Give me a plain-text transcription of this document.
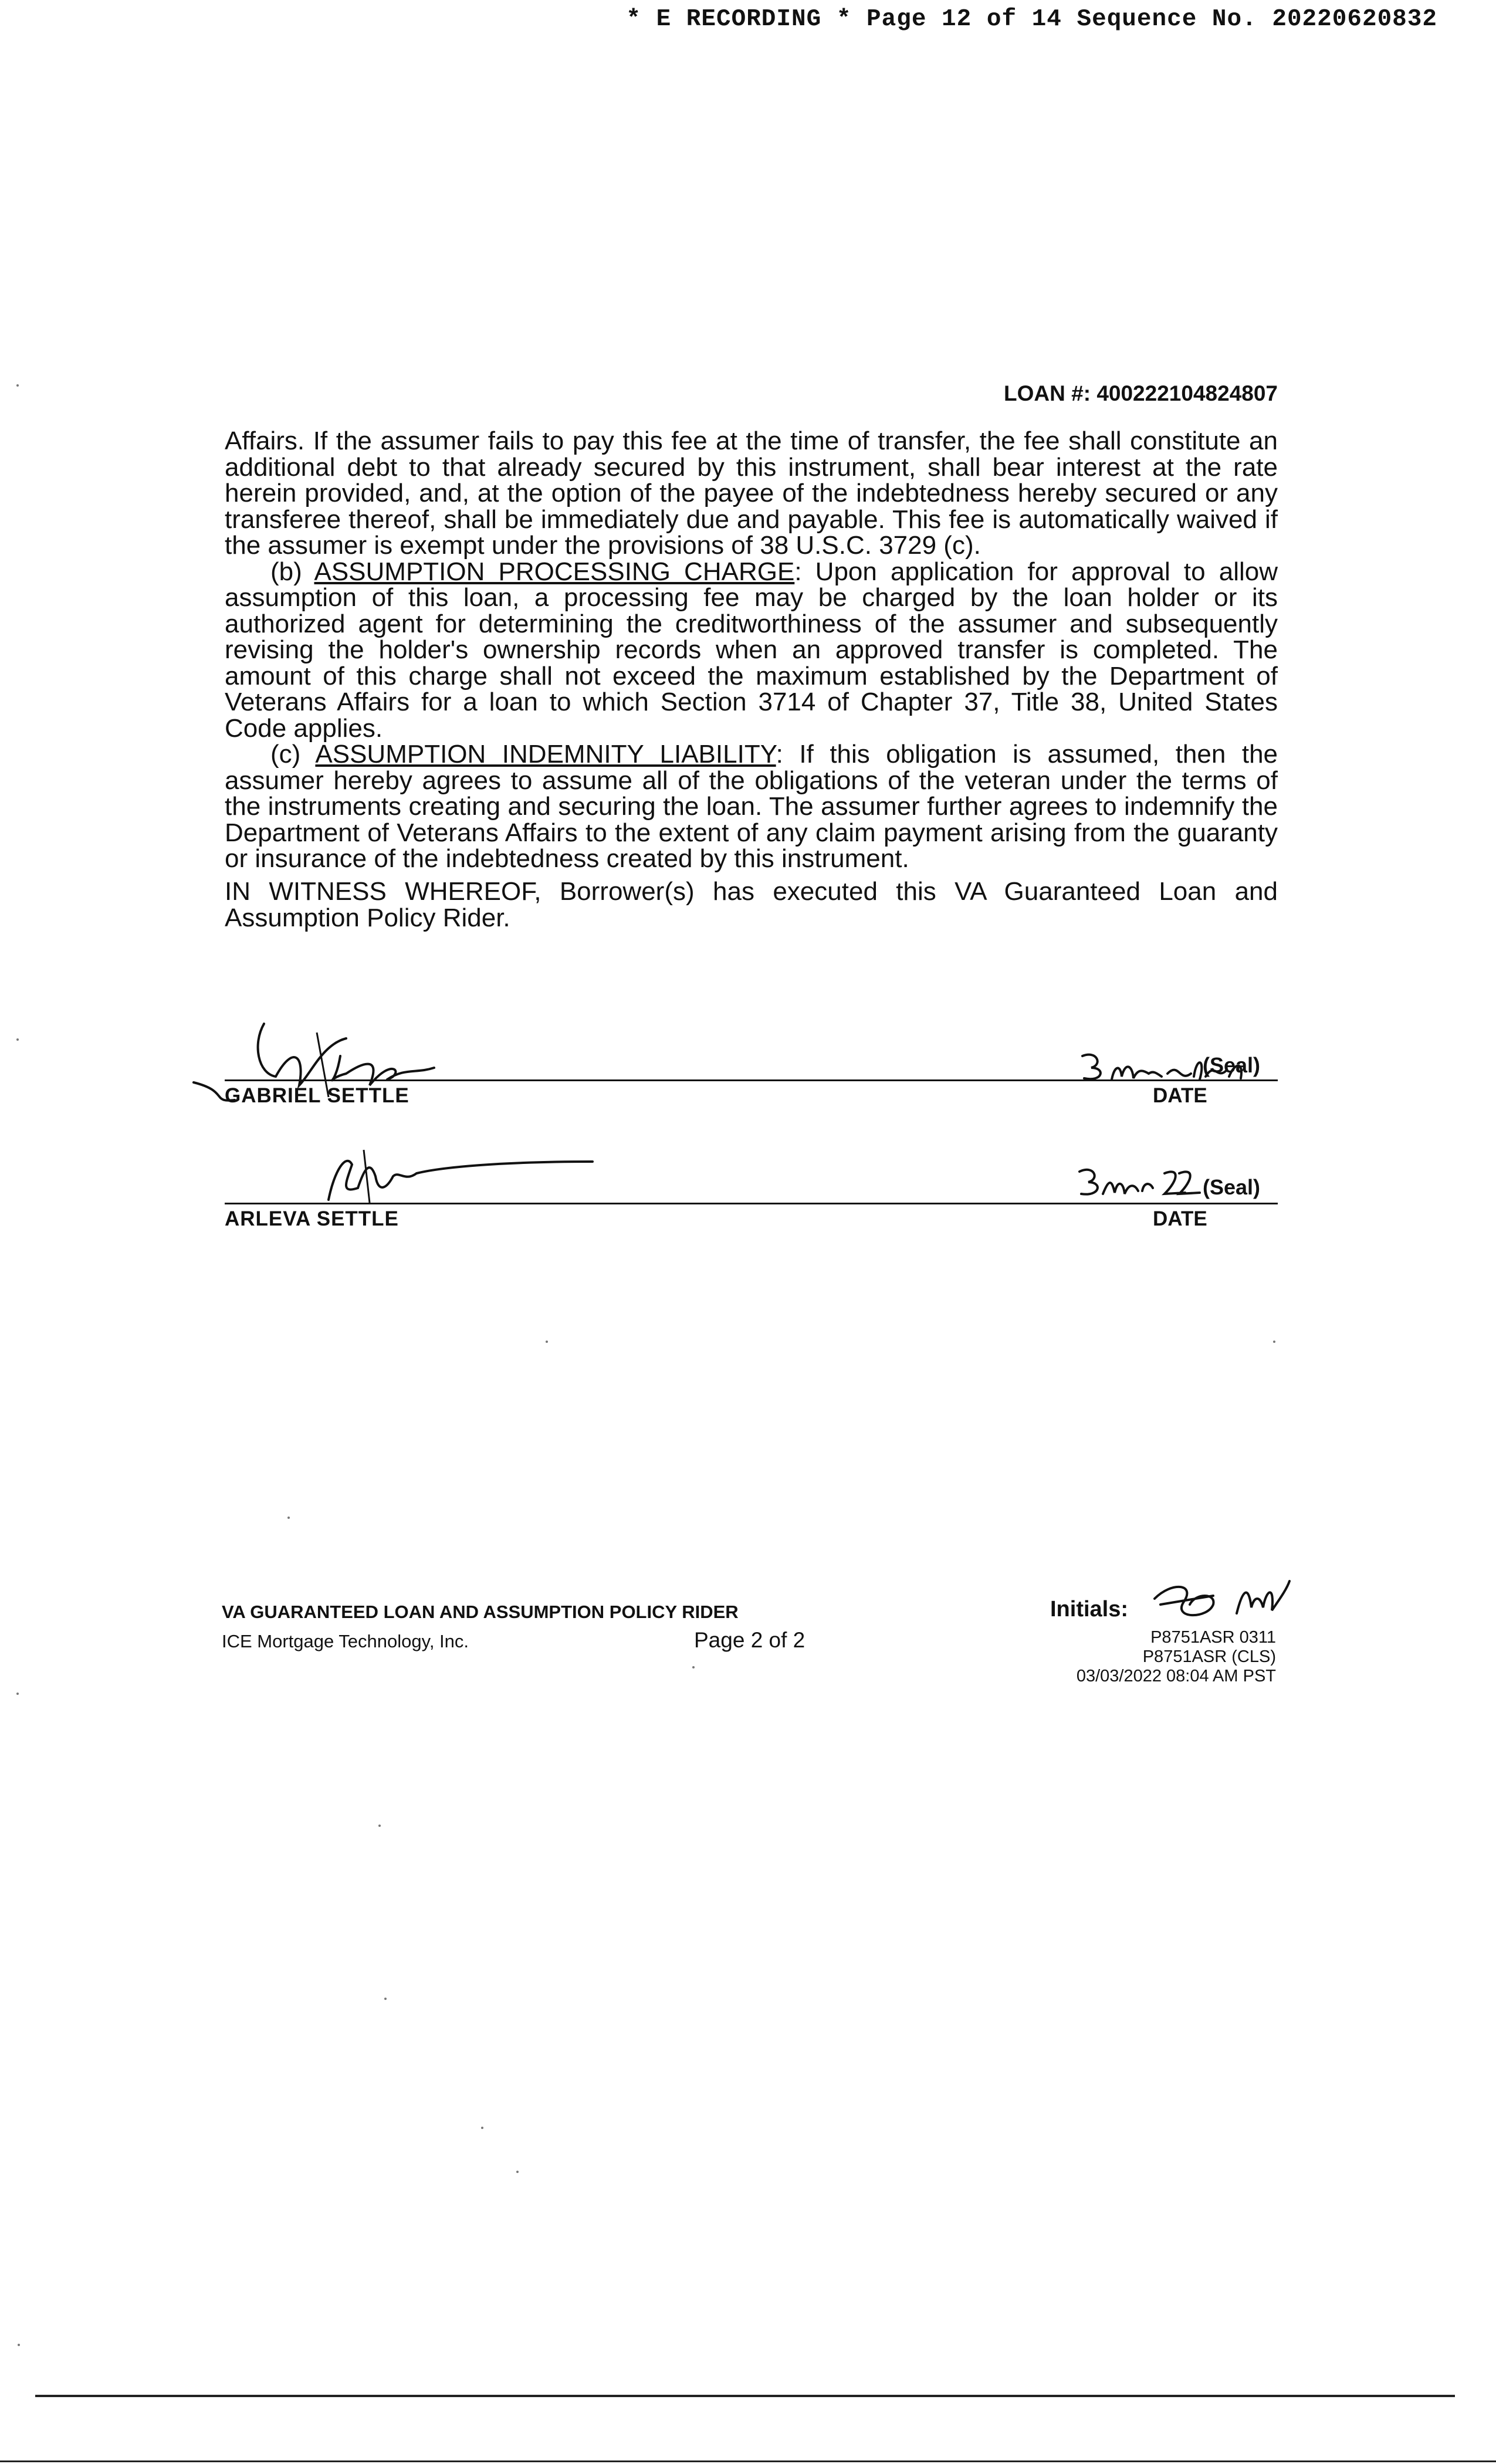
* E RECORDING * Page 12 of 14 Sequence No. 20220620832
LOAN #: 400222104824807

Affairs. If the assumer fails to pay this fee at the time of transfer, the fee shall constitute an additional debt to that already secured by this instrument, shall bear interest at the rate herein provided, and, at the option of the payee of the indebtedness hereby secured or any transferee thereof, shall be immediately due and payable. This fee is automatically waived if the assumer is exempt under the provisions of 38 U.S.C. 3729 (c).

(b) ASSUMPTION PROCESSING CHARGE: Upon application for approval to allow assumption of this loan, a processing fee may be charged by the loan holder or its authorized agent for determining the creditworthiness of the assumer and subsequently revising the holder's ownership records when an approved transfer is completed. The amount of this charge shall not exceed the maximum established by the Department of Veterans Affairs for a loan to which Section 3714 of Chapter 37, Title 38, United States Code applies.

(c) ASSUMPTION INDEMNITY LIABILITY: If this obligation is assumed, then the assumer hereby agrees to assume all of the obligations of the veteran under the terms of the instruments creating and securing the loan. The assumer further agrees to indemnify the Department of Veterans Affairs to the extent of any claim payment arising from the guaranty or insurance of the indebtedness created by this instrument.

IN WITNESS WHEREOF, Borrower(s) has executed this VA Guaranteed Loan and Assumption Policy Rider.
(Seal)
GABRIEL SETTLE	DATE
(Seal)
ARLEVA SETTLE	DATE
VA GUARANTEED LOAN AND ASSUMPTION POLICY RIDER
ICE Mortgage Technology, Inc.	Page 2 of 2
Initials:
P8751ASR 0311
P8751ASR (CLS)
03/03/2022 08:04 AM PST
